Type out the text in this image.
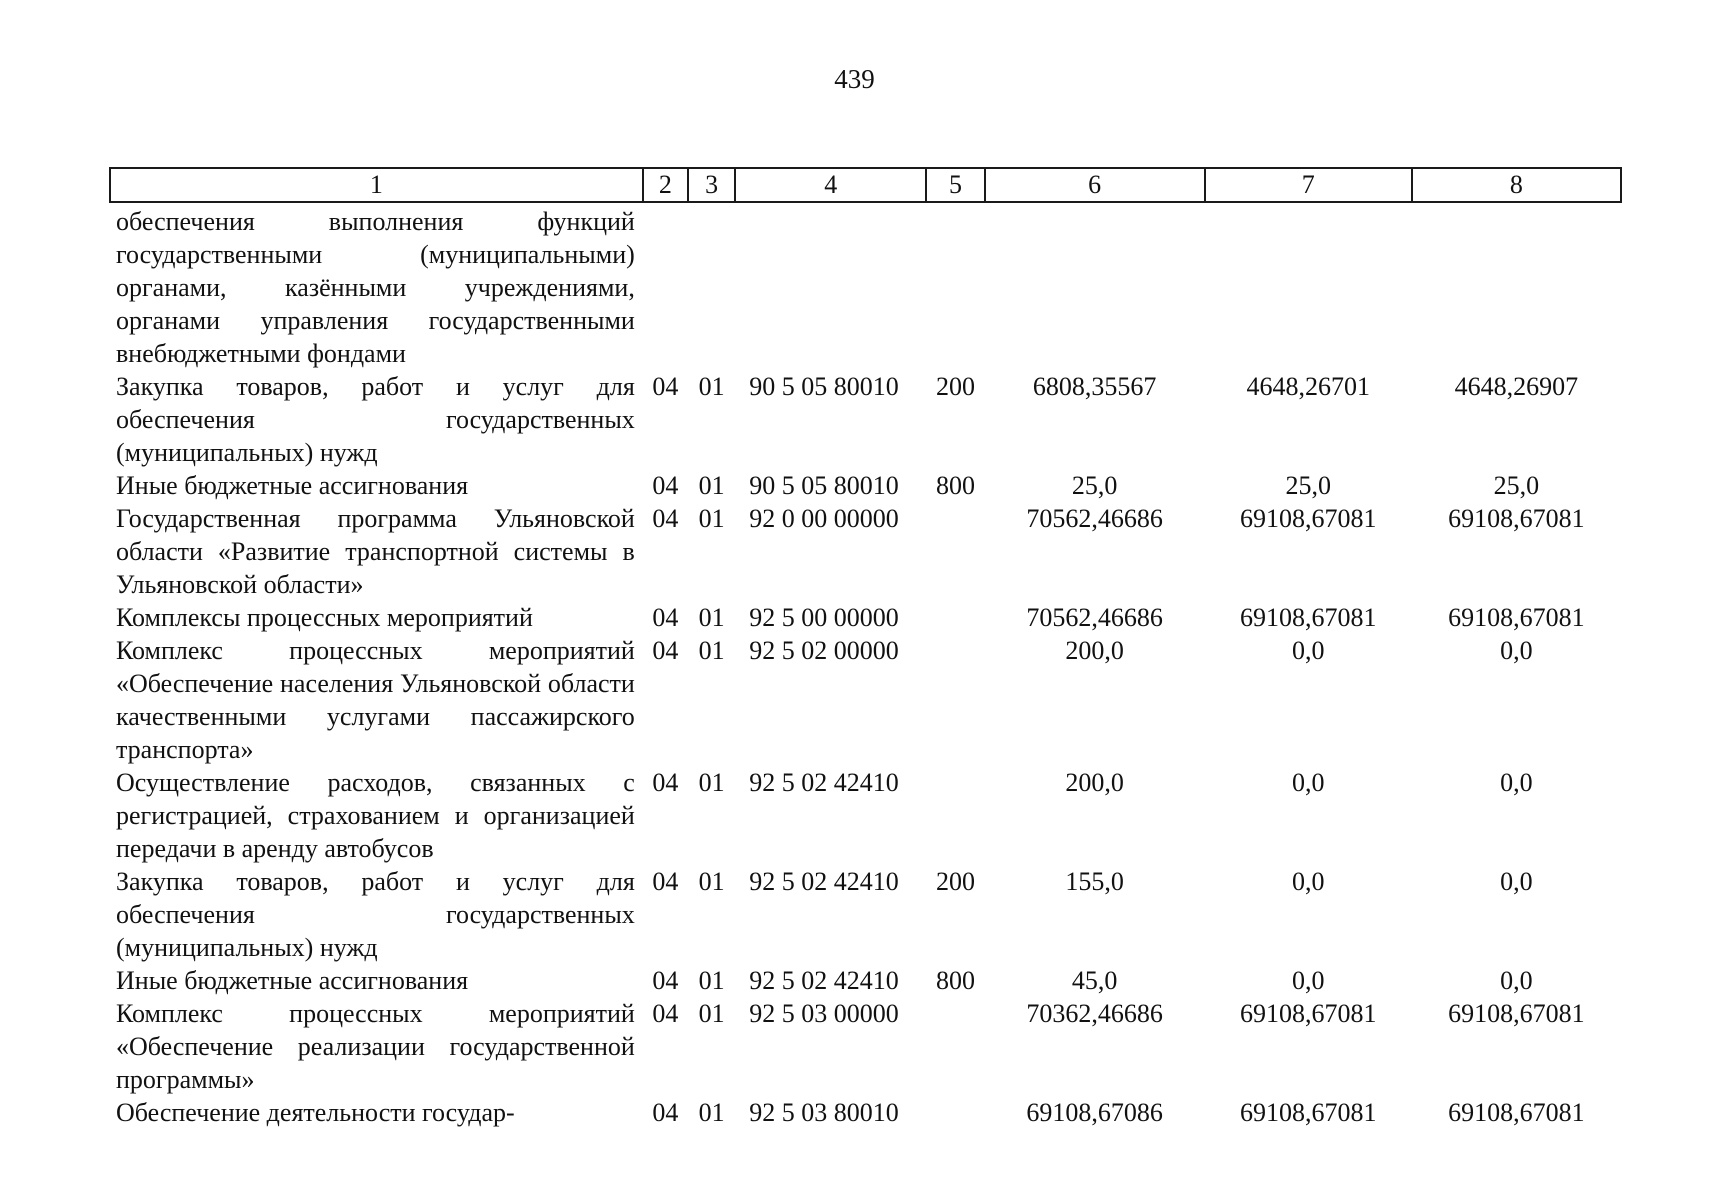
439
1	2	3	4	5	6	7	8
обеспечения выполнения функций государственными (муниципальными) органами, казёнными учреждениями, органами управления государственными внебюджетными фондами							
Закупка товаров, работ и услуг для обеспечения государственных (муниципальных) нужд	04	01	90 5 05 80010	200	6808,35567	4648,26701	4648,26907
Иные бюджетные ассигнования	04	01	90 5 05 80010	800	25,0	25,0	25,0
Государственная программа Ульяновской области «Развитие транспортной системы в Ульяновской области»	04	01	92 0 00 00000		70562,46686	69108,67081	69108,67081
Комплексы процессных мероприятий	04	01	92 5 00 00000		70562,46686	69108,67081	69108,67081
Комплекс процессных мероприятий «Обеспечение населения Ульяновской области качественными услугами пассажирского транспорта»	04	01	92 5 02 00000		200,0	0,0	0,0
Осуществление расходов, связанных с регистрацией, страхованием и организацией передачи в аренду автобусов	04	01	92 5 02 42410		200,0	0,0	0,0
Закупка товаров, работ и услуг для обеспечения государственных (муниципальных) нужд	04	01	92 5 02 42410	200	155,0	0,0	0,0
Иные бюджетные ассигнования	04	01	92 5 02 42410	800	45,0	0,0	0,0
Комплекс процессных мероприятий «Обеспечение реализации государственной программы»	04	01	92 5 03 00000		70362,46686	69108,67081	69108,67081
Обеспечение деятельности государ-	04	01	92 5 03 80010		69108,67086	69108,67081	69108,67081
